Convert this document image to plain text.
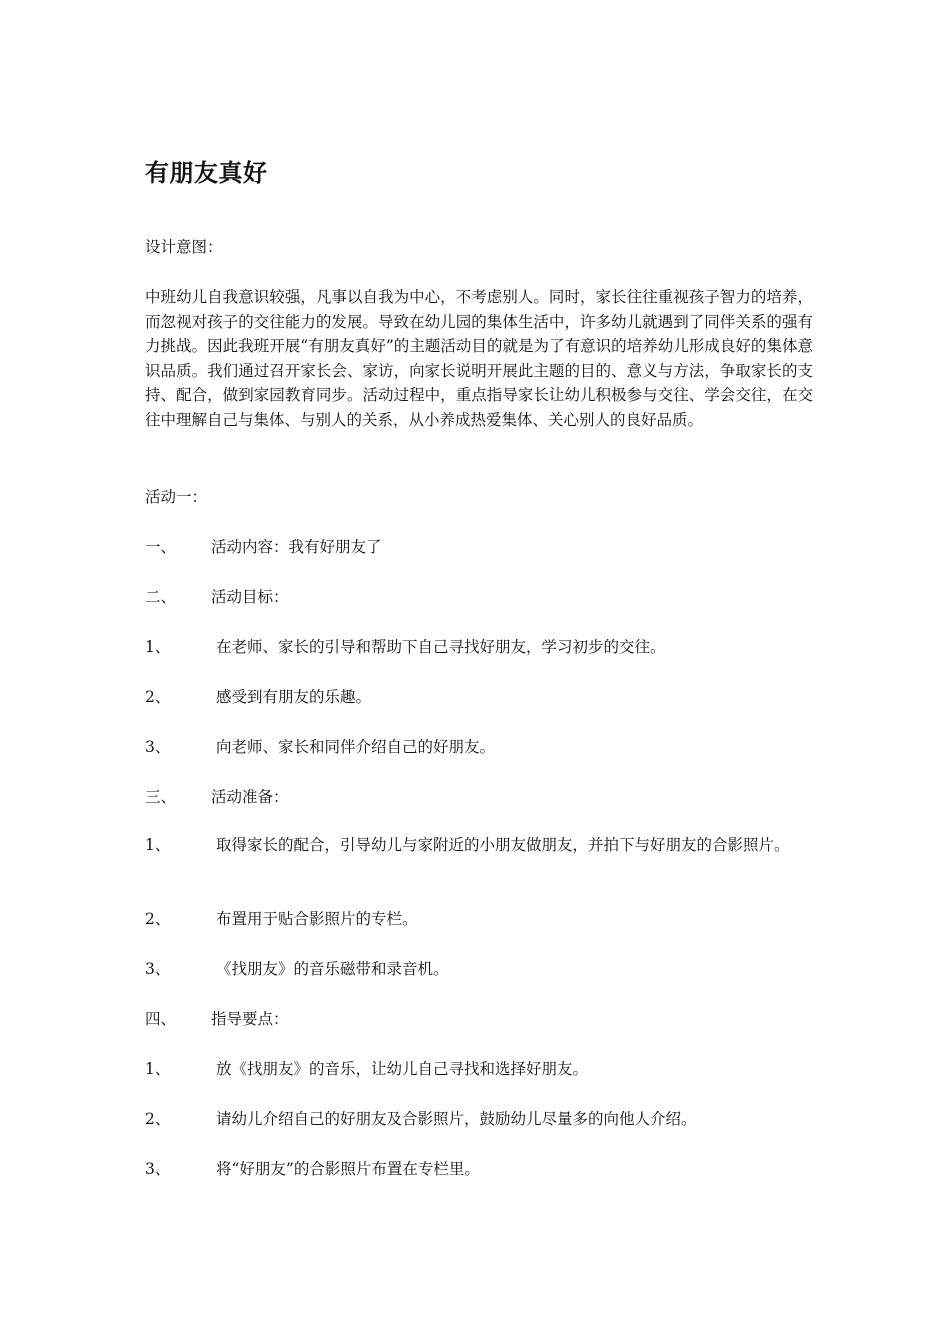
有朋友真好
设计意图：
中班幼儿自我意识较强，凡事以自我为中心，不考虑别人。同时，家长往往重视孩子智力的培养，而忽视对孩子的交往能力的发展。导致在幼儿园的集体生活中，许多幼儿就遇到了同伴关系的强有力挑战。因此我班开展“有朋友真好”的主题活动目的就是为了有意识的培养幼儿形成良好的集体意识品质。我们通过召开家长会、家访，向家长说明开展此主题的目的、意义与方法，争取家长的支持、配合，做到家园教育同步。活动过程中，重点指导家长让幼儿积极参与交往、学会交往，在交往中理解自己与集体、与别人的关系，从小养成热爱集体、关心别人的良好品质。
活动一：
一、 活动内容：我有好朋友了
二、 活动目标：
1、	在老师、家长的引导和帮助下自己寻找好朋友，学习初步的交往。
2、	感受到有朋友的乐趣。
3、	向老师、家长和同伴介绍自己的好朋友。
三、 活动准备：
1、	取得家长的配合，引导幼儿与家附近的小朋友做朋友，并拍下与好朋友的合影照片。
2、	布置用于贴合影照片的专栏。
3、	《找朋友》的音乐磁带和录音机。
四、 指导要点：
1、	放《找朋友》的音乐，让幼儿自己寻找和选择好朋友。
2、	请幼儿介绍自己的好朋友及合影照片，鼓励幼儿尽量多的向他人介绍。
3、	将“好朋友”的合影照片布置在专栏里。
